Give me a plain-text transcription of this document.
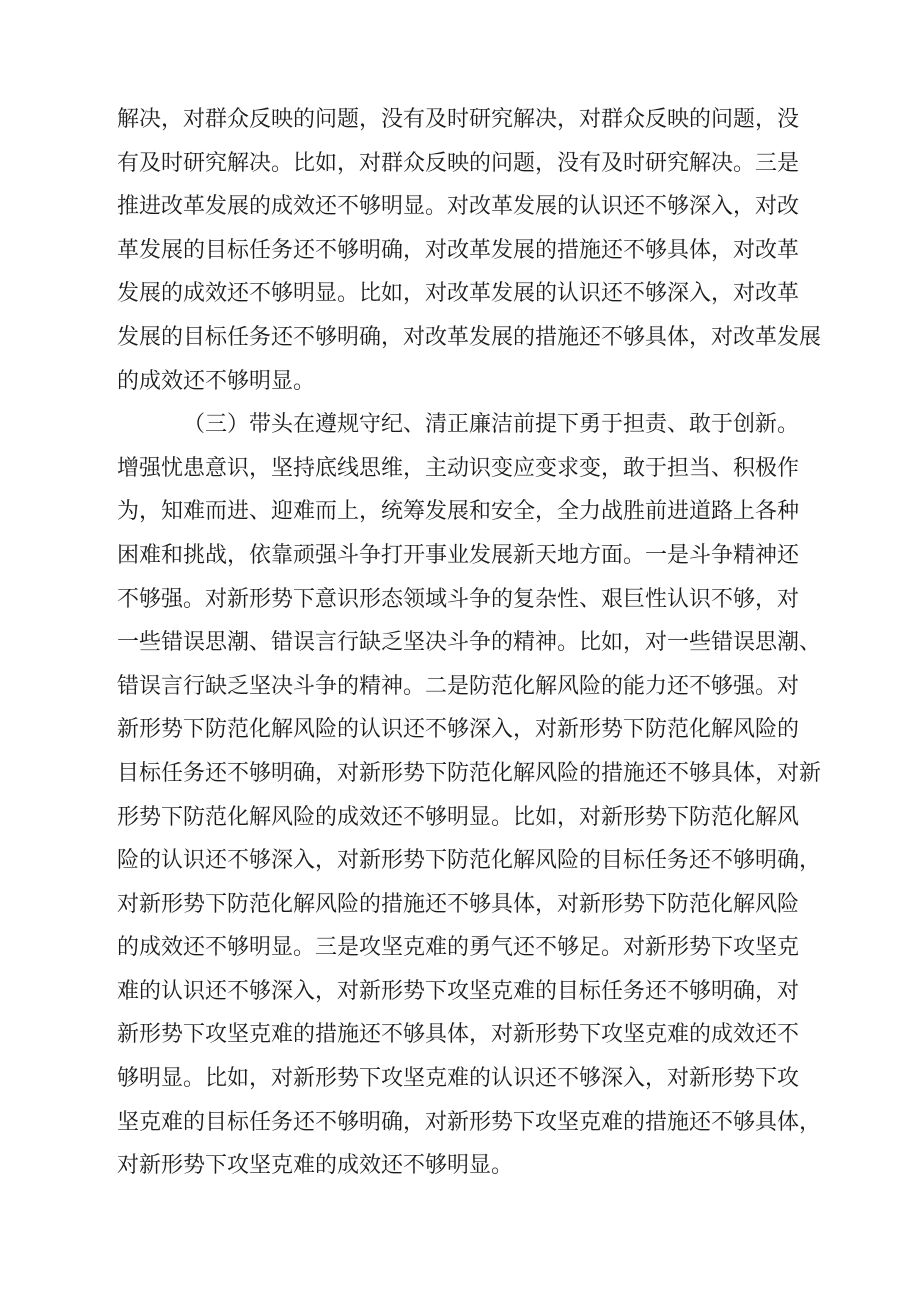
解决，对群众反映的问题，没有及时研究解决，对群众反映的问题，没
有及时研究解决。比如，对群众反映的问题，没有及时研究解决。三是
推进改革发展的成效还不够明显。对改革发展的认识还不够深入，对改
革发展的目标任务还不够明确，对改革发展的措施还不够具体，对改革
发展的成效还不够明显。比如，对改革发展的认识还不够深入，对改革
发展的目标任务还不够明确，对改革发展的措施还不够具体，对改革发展
的成效还不够明显。
（三）带头在遵规守纪、清正廉洁前提下勇于担责、敢于创新。
增强忧患意识，坚持底线思维，主动识变应变求变，敢于担当、积极作
为，知难而进、迎难而上，统筹发展和安全，全力战胜前进道路上各种
困难和挑战，依靠顽强斗争打开事业发展新天地方面。一是斗争精神还
不够强。对新形势下意识形态领域斗争的复杂性、艰巨性认识不够，对
一些错误思潮、错误言行缺乏坚决斗争的精神。比如，对一些错误思潮、
错误言行缺乏坚决斗争的精神。二是防范化解风险的能力还不够强。对
新形势下防范化解风险的认识还不够深入，对新形势下防范化解风险的
目标任务还不够明确，对新形势下防范化解风险的措施还不够具体，对新
形势下防范化解风险的成效还不够明显。比如，对新形势下防范化解风
险的认识还不够深入，对新形势下防范化解风险的目标任务还不够明确，
对新形势下防范化解风险的措施还不够具体，对新形势下防范化解风险
的成效还不够明显。三是攻坚克难的勇气还不够足。对新形势下攻坚克
难的认识还不够深入，对新形势下攻坚克难的目标任务还不够明确，对
新形势下攻坚克难的措施还不够具体，对新形势下攻坚克难的成效还不
够明显。比如，对新形势下攻坚克难的认识还不够深入，对新形势下攻
坚克难的目标任务还不够明确，对新形势下攻坚克难的措施还不够具体，
对新形势下攻坚克难的成效还不够明显。
